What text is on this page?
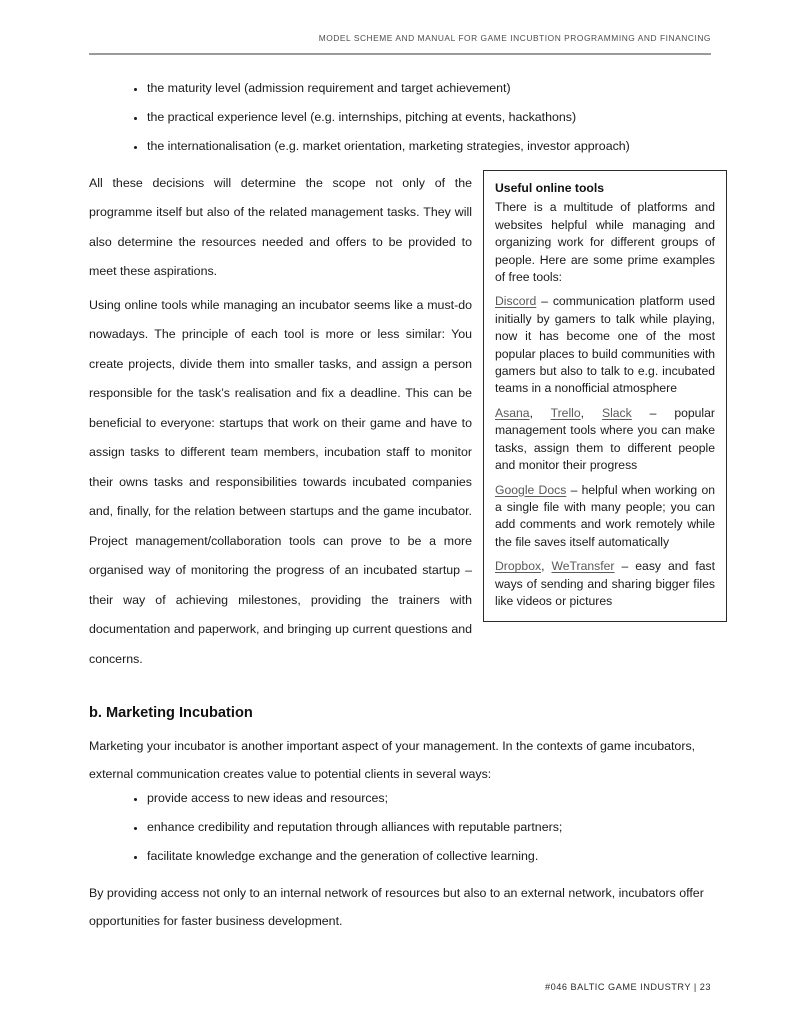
MODEL SCHEME AND MANUAL FOR GAME INCUBTION PROGRAMMING AND FINANCING
the maturity level (admission requirement and target achievement)
the practical experience level (e.g. internships, pitching at events, hackathons)
the internationalisation (e.g. market orientation, marketing strategies, investor approach)

All these decisions will determine the scope not only of the programme itself but also of the related management tasks. They will also determine the resources needed and offers to be provided to meet these aspirations.

Using online tools while managing an incubator seems like a must-do nowadays. The principle of each tool is more or less similar: You create projects, divide them into smaller tasks, and assign a person responsible for the task’s realisation and fix a deadline. This can be beneficial to everyone: startups that work on their game and have to assign tasks to different team members, incubation staff to monitor their owns tasks and responsibilities towards incubated companies and, finally, for the relation between startups and the game incubator. Project management/collaboration tools can prove to be a more organised way of monitoring the progress of an incubated startup – their way of achieving milestones, providing the trainers with documentation and paperwork, and bringing up current questions and concerns.

Useful online tools

There is a multitude of platforms and websites helpful while managing and organizing work for different groups of people. Here are some prime examples of free tools:

Discord – communication platform used initially by gamers to talk while playing, now it has become one of the most popular places to build communities with gamers but also to talk to e.g. incubated teams in a nonofficial atmosphere

Asana, Trello, Slack – popular management tools where you can make tasks, assign them to different people and monitor their progress

Google Docs – helpful when working on a single file with many people; you can add comments and work remotely while the file saves itself automatically

Dropbox, WeTransfer – easy and fast ways of sending and sharing bigger files like videos or pictures

b. Marketing Incubation

Marketing your incubator is another important aspect of your management. In the contexts of game incubators, external communication creates value to potential clients in several ways:

provide access to new ideas and resources;
enhance credibility and reputation through alliances with reputable partners;
facilitate knowledge exchange and the generation of collective learning.

By providing access not only to an internal network of resources but also to an external network, incubators offer opportunities for faster business development.

#046 BALTIC GAME INDUSTRY | 23
